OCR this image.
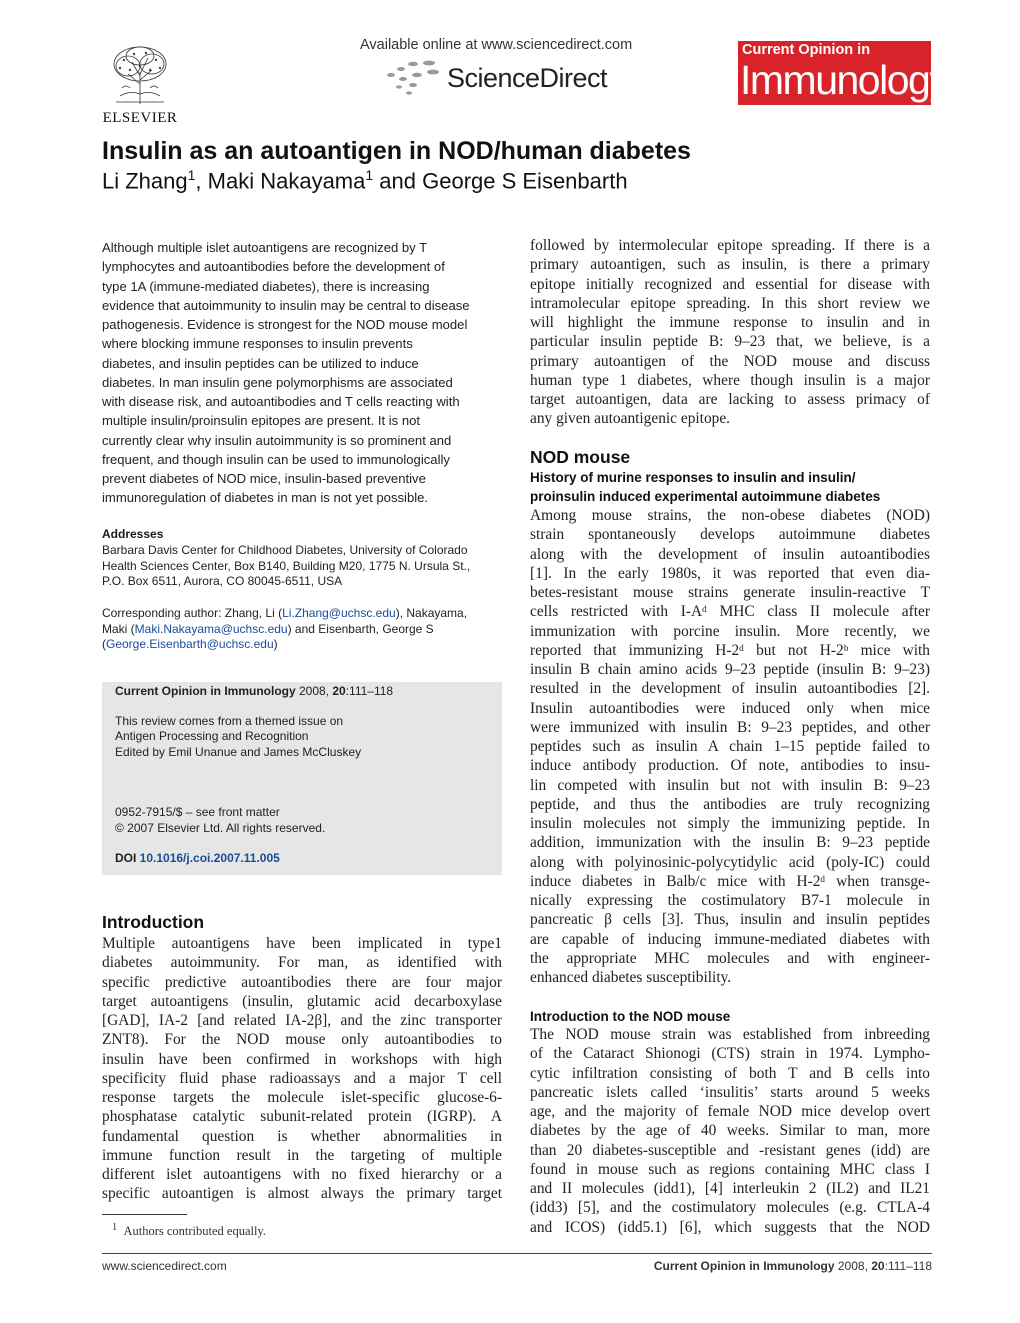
ELSEVIER
Available online at www.sciencedirect.com
ScienceDirect
Current Opinion in
Immunology
Insulin as an autoantigen in NOD/human diabetes
Li Zhang$^1$, Maki Nakayama$^1$ and George S Eisenbarth
Although multiple islet autoantigens are recognized by T
lymphocytes and autoantibodies before the development of
type 1A (immune-mediated diabetes), there is increasing
evidence that autoimmunity to insulin may be central to disease
pathogenesis. Evidence is strongest for the NOD mouse model
where blocking immune responses to insulin prevents
diabetes, and insulin peptides can be utilized to induce
diabetes. In man insulin gene polymorphisms are associated
with disease risk, and autoantibodies and T cells reacting with
multiple insulin/proinsulin epitopes are present. It is not
currently clear why insulin autoimmunity is so prominent and
frequent, and though insulin can be used to immunologically
prevent diabetes of NOD mice, insulin-based preventive
immunoregulation of diabetes in man is not yet possible.
Addresses
Barbara Davis Center for Childhood Diabetes, University of Colorado
Health Sciences Center, Box B140, Building M20, 1775 N. Ursula St.,
P.O. Box 6511, Aurora, CO 80045-6511, USA
Corresponding author: Zhang, Li (Li.Zhang@uchsc.edu), Nakayama,
Maki (Maki.Nakayama@uchsc.edu) and Eisenbarth, George S
(George.Eisenbarth@uchsc.edu)
Current Opinion in Immunology 2008, 20:111–118
This review comes from a themed issue on
Antigen Processing and Recognition
Edited by Emil Unanue and James McCluskey
0952-7915/$ – see front matter
© 2007 Elsevier Ltd. All rights reserved.
DOI 10.1016/j.coi.2007.11.005
Introduction
Multiple autoantigens have been implicated in type1
diabetes autoimmunity. For man, as identified with
specific predictive autoantibodies there are four major
target autoantigens (insulin, glutamic acid decarboxylase
[GAD], IA-2 [and related IA-2β], and the zinc transporter
ZNT8). For the NOD mouse only autoantibodies to
insulin have been confirmed in workshops with high
specificity fluid phase radioassays and a major T cell
response targets the molecule islet-specific glucose-6-
phosphatase catalytic subunit-related protein (IGRP). A
fundamental question is whether abnormalities in
immune function result in the targeting of multiple
different islet autoantigens with no fixed hierarchy or a
specific autoantigen is almost always the primary target
followed by intermolecular epitope spreading. If there is a
primary autoantigen, such as insulin, is there a primary
epitope initially recognized and essential for disease with
intramolecular epitope spreading. In this short review we
will highlight the immune response to insulin and in
particular insulin peptide B: 9–23 that, we believe, is a
primary autoantigen of the NOD mouse and discuss
human type 1 diabetes, where though insulin is a major
target autoantigen, data are lacking to assess primacy of
any given autoantigenic epitope.
NOD mouse
History of murine responses to insulin and insulin/
proinsulin induced experimental autoimmune diabetes
Among mouse strains, the non-obese diabetes (NOD)
strain spontaneously develops autoimmune diabetes
along with the development of insulin autoantibodies
[1]. In the early 1980s, it was reported that even dia-
betes-resistant mouse strains generate insulin-reactive T
cells restricted with I-Aᵈ MHC class II molecule after
immunization with porcine insulin. More recently, we
reported that immunizing H-2ᵈ but not H-2ᵇ mice with
insulin B chain amino acids 9–23 peptide (insulin B: 9–23)
resulted in the development of insulin autoantibodies [2].
Insulin autoantibodies were induced only when mice
were immunized with insulin B: 9–23 peptides, and other
peptides such as insulin A chain 1–15 peptide failed to
induce antibody production. Of note, antibodies to insu-
lin competed with insulin but not with insulin B: 9–23
peptide, and thus the antibodies are truly recognizing
insulin molecules not simply the immunizing peptide. In
addition, immunization with the insulin B: 9–23 peptide
along with polyinosinic-polycytidylic acid (poly-IC) could
induce diabetes in Balb/c mice with H-2ᵈ when transge-
nically expressing the costimulatory B7-1 molecule in
pancreatic β cells [3]. Thus, insulin and insulin peptides
are capable of inducing immune-mediated diabetes with
the appropriate MHC molecules and with engineer-
enhanced diabetes susceptibility.
Introduction to the NOD mouse
The NOD mouse strain was established from inbreeding
of the Cataract Shionogi (CTS) strain in 1974. Lympho-
cytic infiltration consisting of both T and B cells into
pancreatic islets called ‘insulitis’ starts around 5 weeks
age, and the majority of female NOD mice develop overt
diabetes by the age of 40 weeks. Similar to man, more
than 20 diabetes-susceptible and -resistant genes (idd) are
found in mouse such as regions containing MHC class I
and II molecules (idd1), [4] interleukin 2 (IL2) and IL21
(idd3) [5], and the costimulatory molecules (e.g. CTLA-4
and ICOS) (idd5.1) [6], which suggests that the NOD
$^1$ Authors contributed equally.
www.sciencedirect.com	Current Opinion in Immunology 2008, 20:111–118
